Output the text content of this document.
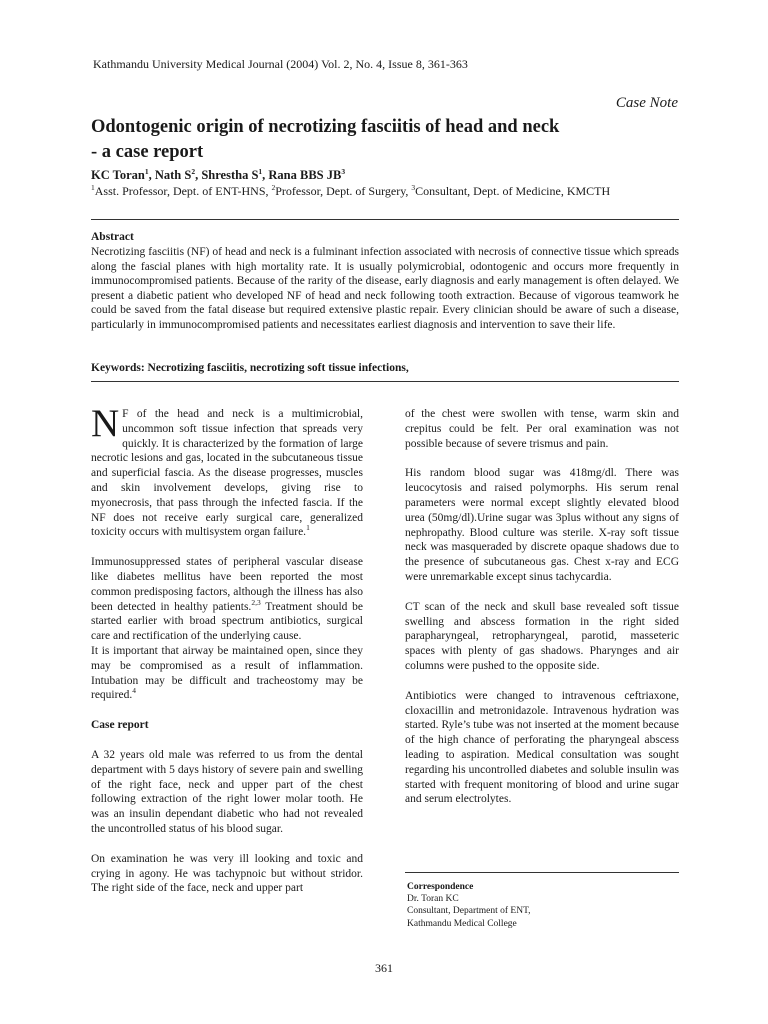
Kathmandu University Medical Journal (2004) Vol. 2, No. 4, Issue 8, 361-363
Case Note
Odontogenic origin of necrotizing fasciitis of head and neck
- a case report
KC Toran$^1$, Nath $S^2$, Shrestha $S^1$, Rana BBS $JB^3$
$^1$Asst. Professor, Dept. of ENT-HNS, $^2$Professor, Dept. of Surgery, $^3$Consultant, Dept. of Medicine, KMCTH
Abstract

Necrotizing fasciitis (NF) of head and neck is a fulminant infection associated with necrosis of connective tissue which spreads along the fascial planes with high mortality rate. It is usually polymicrobial, odontogenic and occurs more frequently in immunocompromised patients. Because of the rarity of the disease, early diagnosis and early management is often delayed. We present a diabetic patient who developed NF of head and neck following tooth extraction. Because of vigorous teamwork he could be saved from the fatal disease but required extensive plastic repair. Every clinician should be aware of such a disease, particularly in immunocompromised patients and necessitates earliest diagnosis and intervention to save their life.

Keywords: Necrotizing fasciitis, necrotizing soft tissue infections,

N F of the head and neck is a multimicrobial, uncommon soft tissue infection that spreads very quickly. It is characterized by the formation of large necrotic lesions and gas, located in the subcutaneous tissue and superficial fascia. As the disease progresses, muscles and skin involvement develops, giving rise to myonecrosis, that pass through the infected fascia. If the NF does not receive early surgical care, generalized toxicity occurs with multisystem organ failure.$^1$

Immunosuppressed states of peripheral vascular disease like diabetes mellitus have been reported the most common predisposing factors, although the illness has also been detected in healthy patients.$^{2,3}$ Treatment should be started earlier with broad spectrum antibiotics, surgical care and rectification of the underlying cause.

It is important that airway be maintained open, since they may be compromised as a result of inflammation. Intubation may be difficult and tracheostomy may be required.$^4$

Case report

A 32 years old male was referred to us from the dental department with 5 days history of severe pain and swelling of the right face, neck and upper part of the chest following extraction of the right lower molar tooth. He was an insulin dependant diabetic who had not revealed the uncontrolled status of his blood sugar.

On examination he was very ill looking and toxic and crying in agony. He was tachypnoic but without stridor. The right side of the face, neck and upper part

of the chest were swollen with tense, warm skin and crepitus could be felt. Per oral examination was not possible because of severe trismus and pain.

His random blood sugar was 418mg/dl. There was leucocytosis and raised polymorphs. His serum renal parameters were normal except slightly elevated blood urea (50mg/dl).Urine sugar was 3plus without any signs of nephropathy. Blood culture was sterile. X-ray soft tissue neck was masqueraded by discrete opaque shadows due to the presence of subcutaneous gas. Chest x-ray and ECG were unremarkable except sinus tachycardia.

CT scan of the neck and skull base revealed soft tissue swelling and abscess formation in the right sided parapharyngeal, retropharyngeal, parotid, masseteric spaces with plenty of gas shadows. Pharynges and air columns were pushed to the opposite side.

Antibiotics were changed to intravenous ceftriaxone, cloxacillin and metronidazole. Intravenous hydration was started. Ryle’s tube was not inserted at the moment because of the high chance of perforating the pharyngeal abscess leading to aspiration. Medical consultation was sought regarding his uncontrolled diabetes and soluble insulin was started with frequent monitoring of blood and urine sugar and serum electrolytes.

Correspondence
Dr. Toran KC
Consultant, Department of ENT,
Kathmandu Medical College
361
